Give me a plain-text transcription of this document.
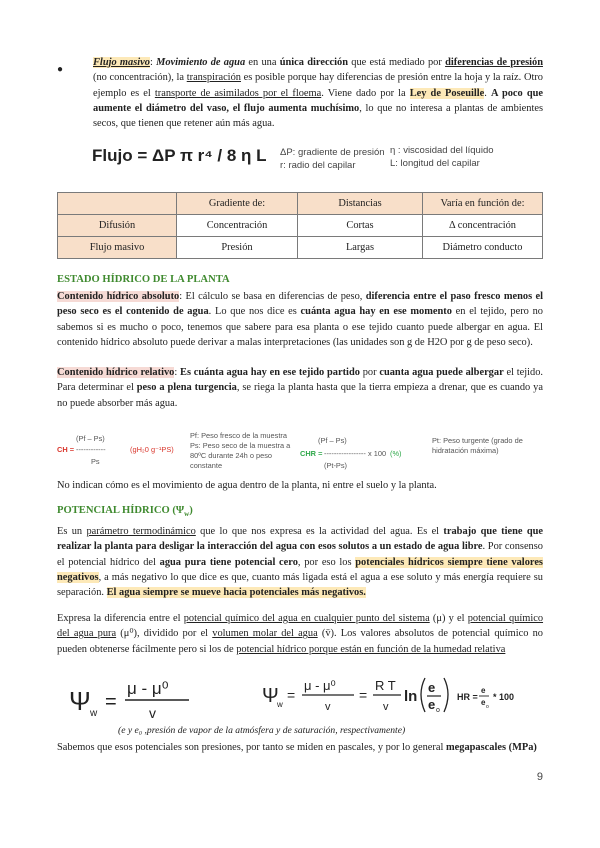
●
Flujo masivo: Movimiento de agua en una única dirección que está mediado por diferencias de presión (no concentración), la transpiración es posible porque hay diferencias de presión entre la hoja y la raíz. Otro ejemplo es el transporte de asimilados por el floema. Viene dado por la Ley de Poseuille. A poco que aumente el diámetro del vaso, el flujo aumenta muchísimo, lo que no interesa a plantas de ambientes secos, que tienen que retener aún más agua.
Flujo = ΔP π r⁴ / 8 η L ΔP: gradiente de presión
r: radio del capilar
η : viscosidad del líquido
L: longitud del capilar
	Gradiente de:	Distancias	Varía en función de:
Difusión	Concentración	Cortas	Δ concentración
Flujo masivo	Presión	Largas	Diámetro conducto
ESTADO HÍDRICO DE LA PLANTA
Contenido hídrico absoluto: El cálculo se basa en diferencias de peso, diferencia entre el paso fresco menos el peso seco es el contenido de agua. Lo que nos dice es cuánta agua hay en ese momento en el tejido, pero no sabemos si es mucho o poco, tenemos que sabere para esa planta o ese tejido cuanto puede albergar en agua. El contenido hídrico absoluto puede derivar a malas interpretaciones (las unidades son g de H2O por g de peso seco).
Contenido hídrico relativo: Es cuánta agua hay en ese tejido partido por cuanta agua puede albergar el tejido. Para determinar el peso a plena turgencia, se riega la planta hasta que la tierra empieza a drenar, que es cuando ya no puede absorber más agua.
(Pf – Ps)
CH = ------------
Ps
(gH₂0 g⁻¹PS)
Pf: Peso fresco de la muestra
Ps: Peso seco de la muestra a
80ºC durante 24h o peso
constante
(Pf – Ps)
CHR = ----------------- x 100 (%)
(Pt-Ps)
Pt: Peso turgente (grado de
hidratación máxima)
No indican cómo es el movimiento de agua dentro de la planta, ni entre el suelo y la planta.
POTENCIAL HÍDRICO $(\Psi_w)$
Es un parámetro termodinámico que lo que nos expresa es la actividad del agua. Es el trabajo que tiene que realizar la planta para desligar la interacción del agua con esos solutos a un estado de agua libre. Por consenso el potencial hídrico del agua pura tiene potencial cero, por eso los potenciales hídricos siempre tiene valores negativos, a más negativo lo que dice es que, cuanto más ligada está el agua a ese soluto y más energía requiere su separación. El agua siempre se mueve hacia potenciales más negativos.
Expresa la diferencia entre el potencial químico del agua en cualquier punto del sistema (μ) y el potencial químico del agua pura (μ⁰), dividido por el volumen molar del agua (v̄). Los valores absolutos de potencial químico no pueden obtenerse fácilmente pero si los de potencial hídrico porque están en función de la humedad relativa
Ψ w
=
μ - μ⁰
v
Ψ
w
=
μ - μ⁰
v
=
R T
v
ln
e
e o
HR =
e
e o
* 100
(e y e₀ ,presión de vapor de la atmósfera y de saturación, respectivamente)
Sabemos que esos potenciales son presiones, por tanto se miden en pascales, y por lo general megapascales (MPa)
9
